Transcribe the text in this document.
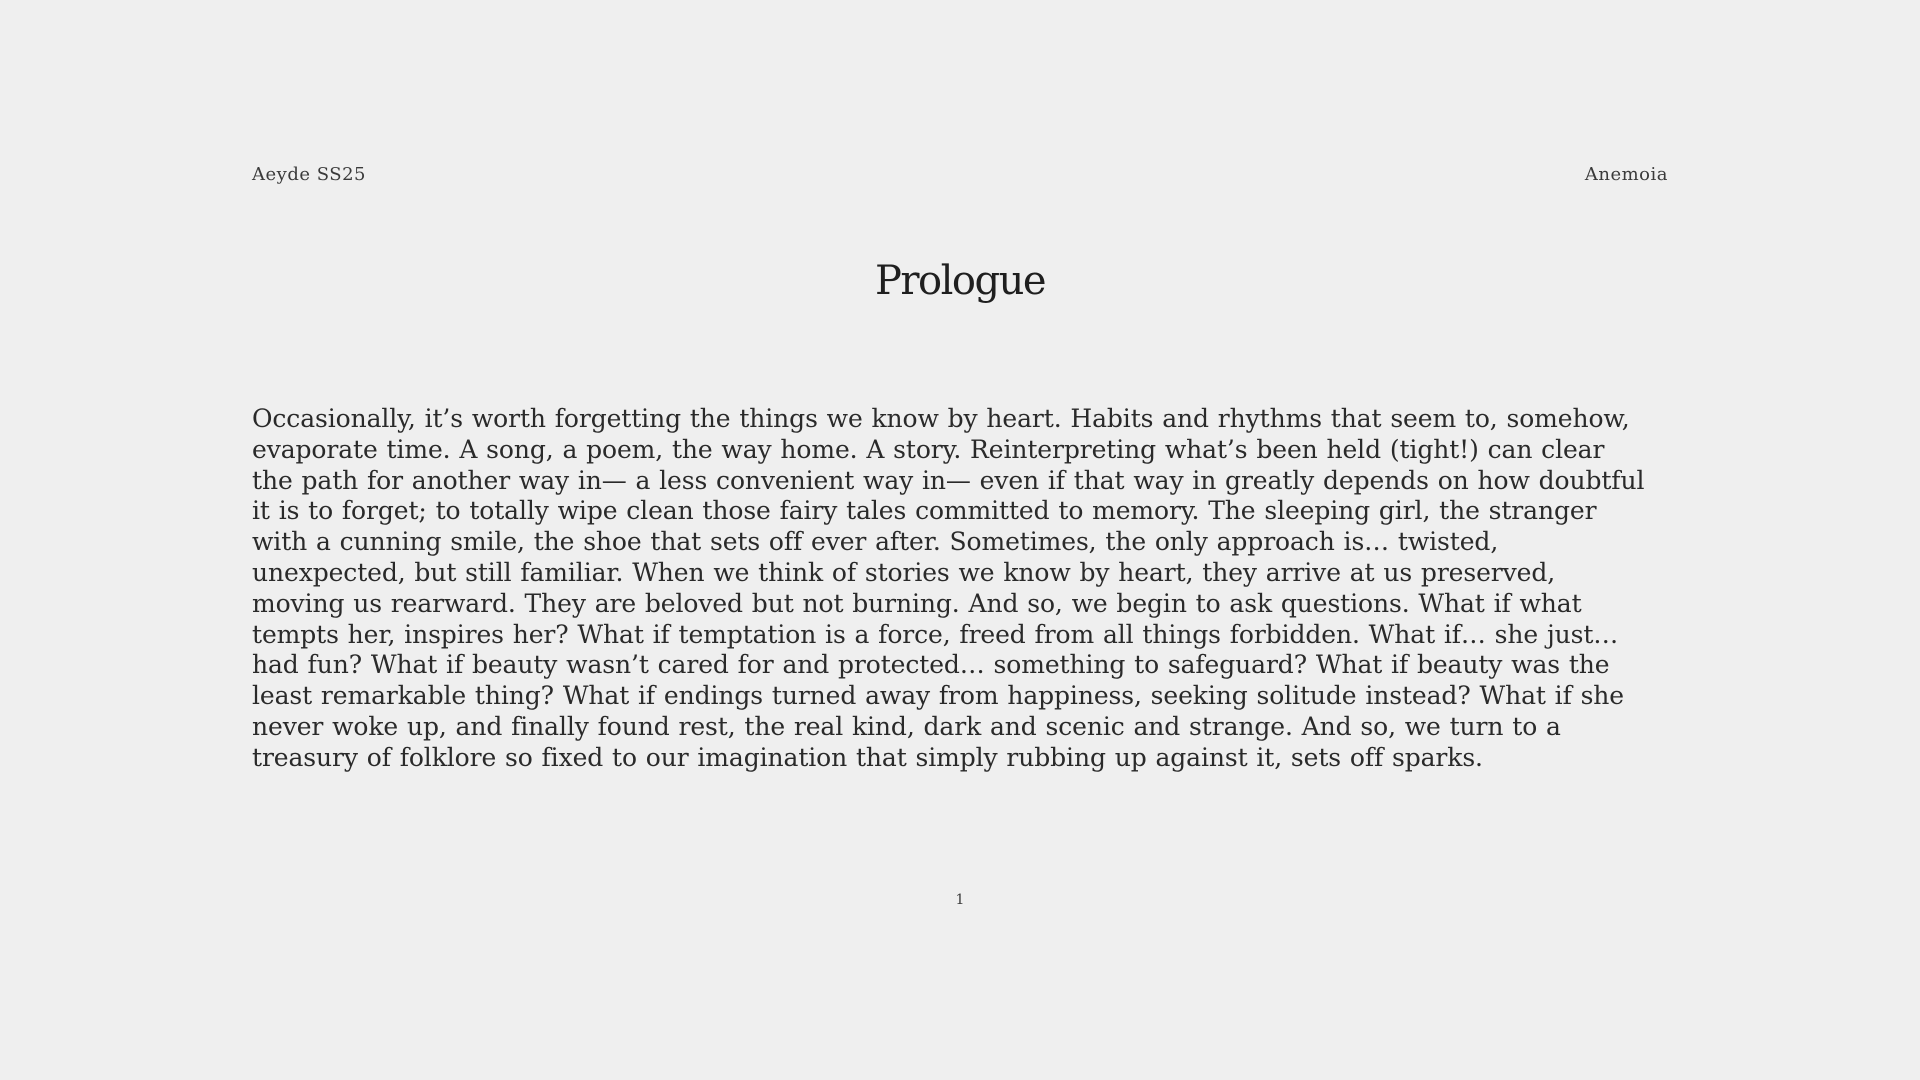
Aeyde SS25	Anemoia
Prologue
Occasionally, it’s worth forgetting the things we know by heart. Habits and rhythms that seem to, somehow, evaporate time. A song, a poem, the way home. A story. Reinterpreting what’s been held (tight!) can clear the path for another way in— a less convenient way in— even if that way in greatly depends on how doubtful it is to forget; to totally wipe clean those fairy tales committed to memory. The sleeping girl, the stranger with a cunning smile, the shoe that sets off ever after. Sometimes, the only approach is… twisted, unexpected, but still familiar. When we think of stories we know by heart, they arrive at us preserved, moving us rearward. They are beloved but not burning. And so, we begin to ask questions. What if what tempts her, inspires her? What if temptation is a force, freed from all things forbidden. What if… she just… had fun? What if beauty wasn’t cared for and protected… something to safeguard? What if beauty was the least remarkable thing? What if endings turned away from happiness, seeking solitude instead? What if she never woke up, and finally found rest, the real kind, dark and scenic and strange. And so, we turn to a treasury of folklore so fixed to our imagination that simply rubbing up against it, sets off sparks.
1
